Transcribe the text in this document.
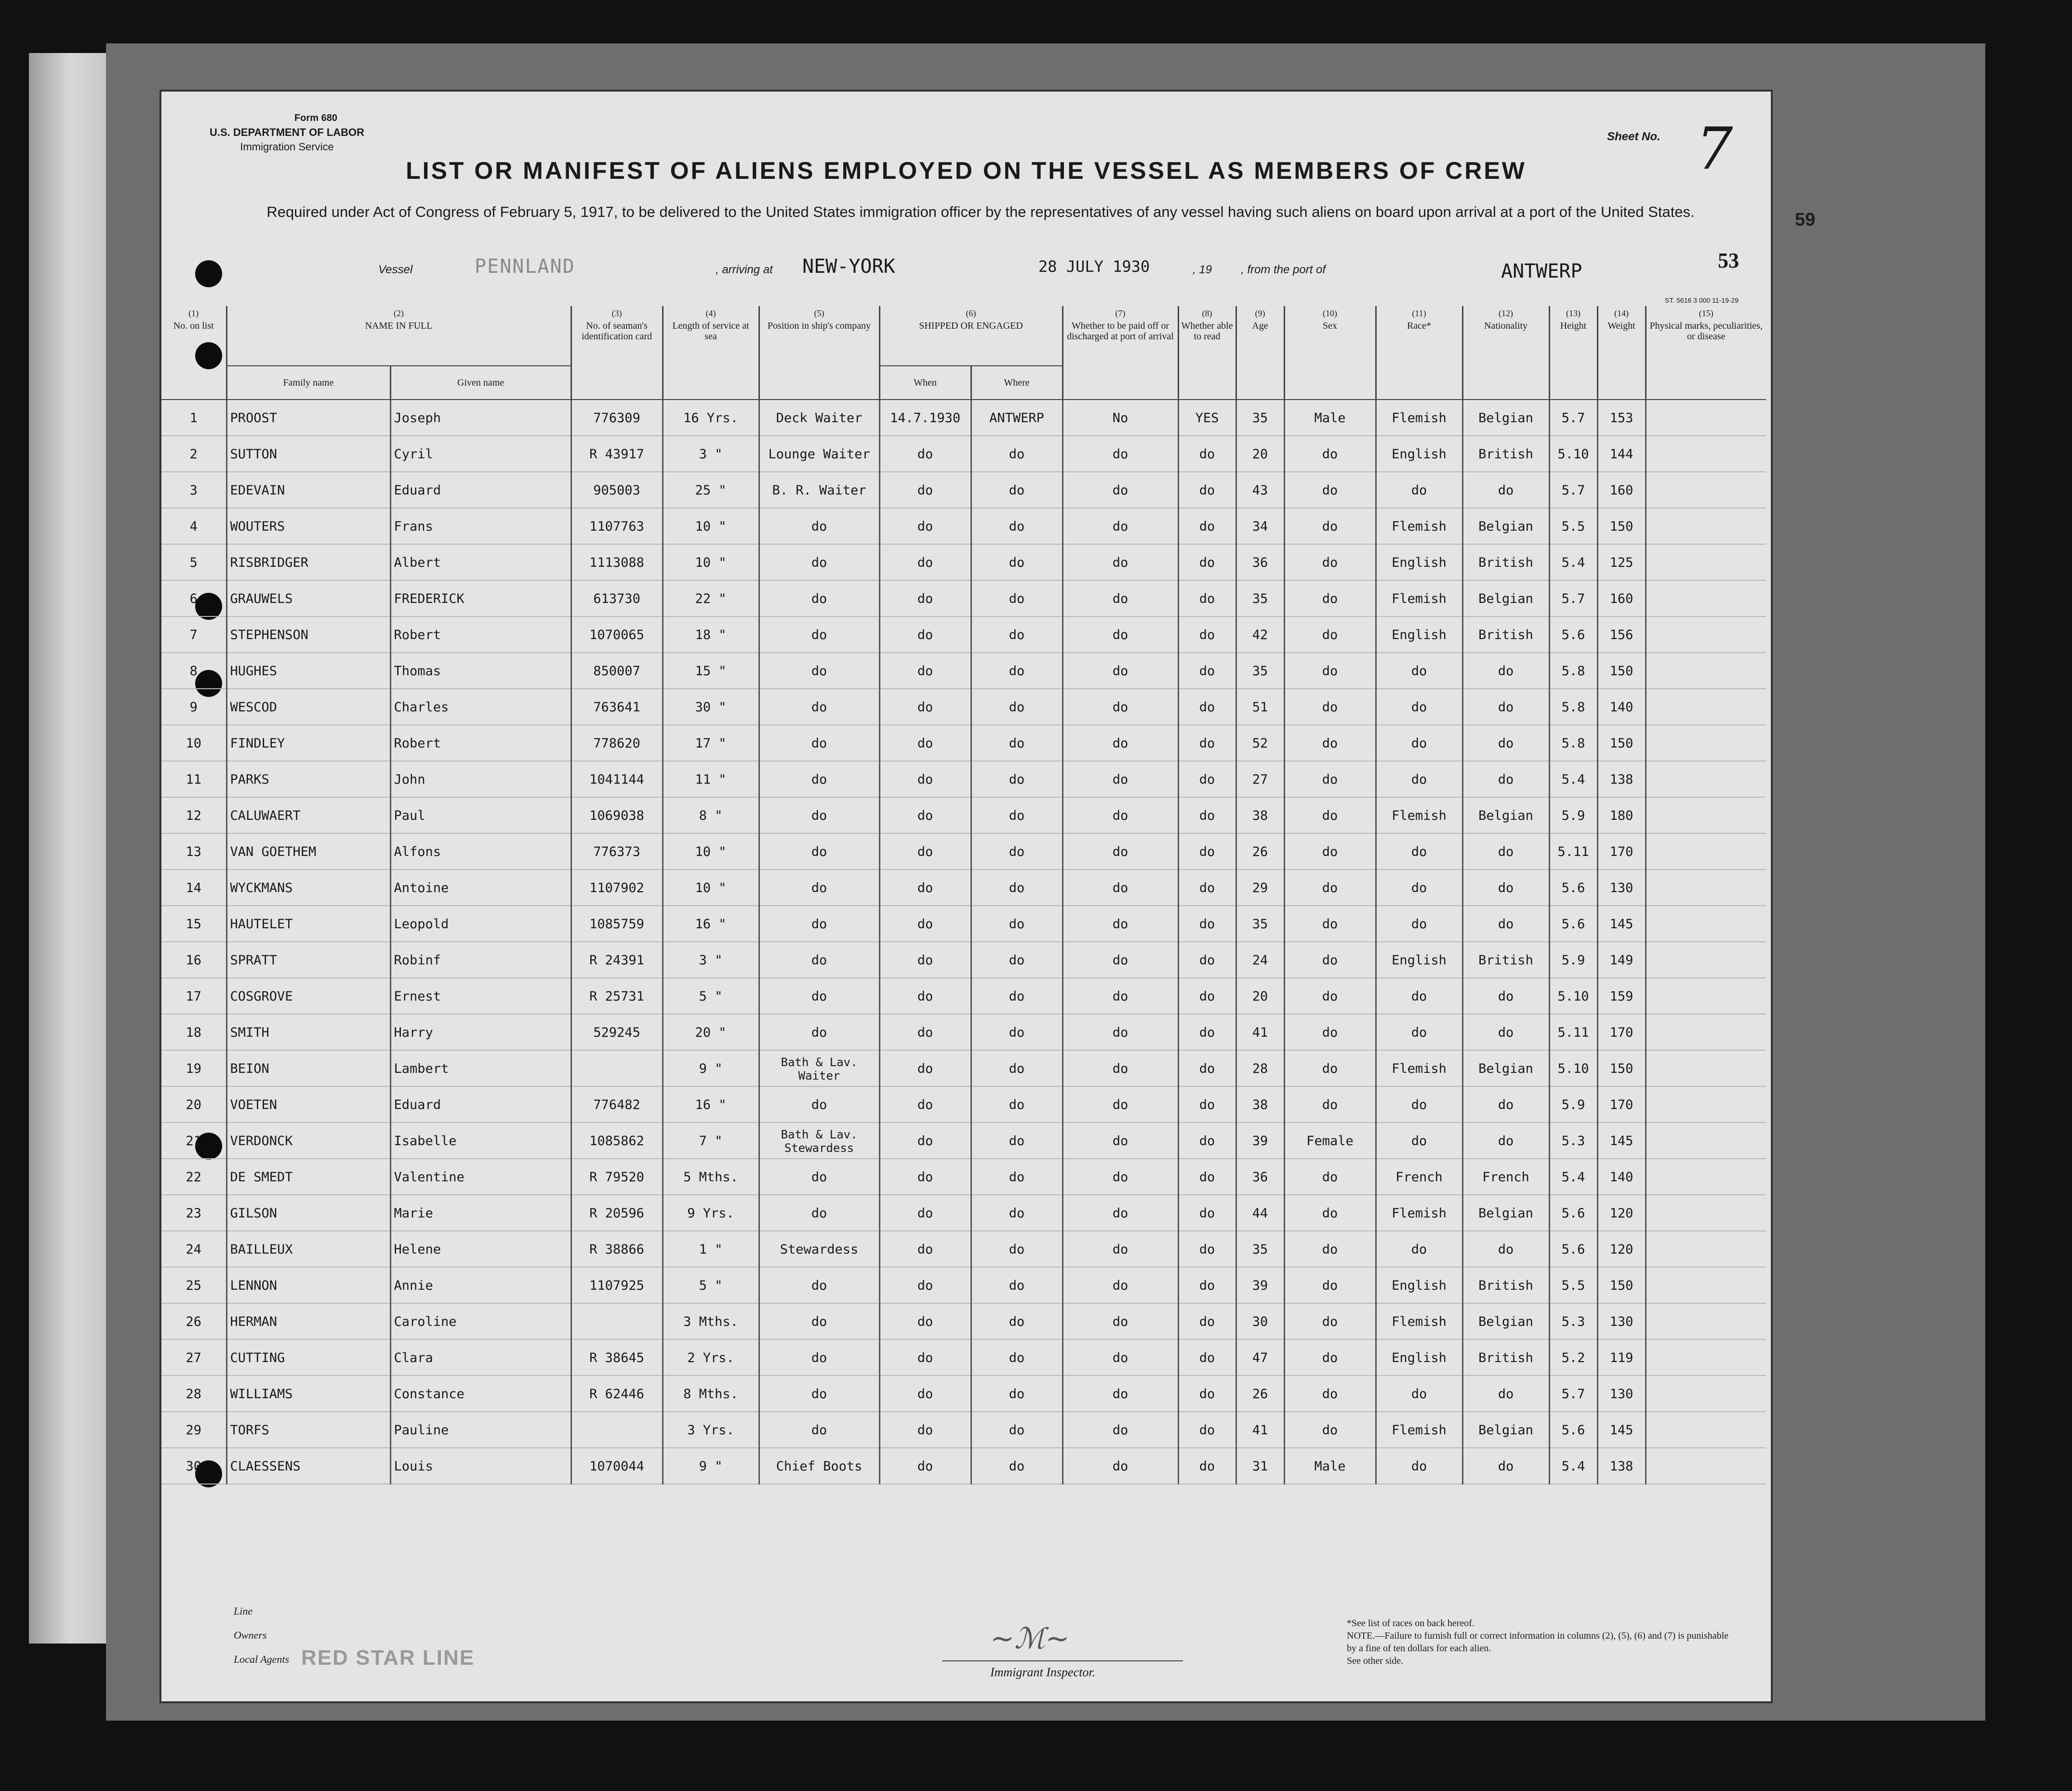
Form 680
U.S. DEPARTMENT OF LABOR
Immigration Service
Sheet No. 7
LIST OR MANIFEST OF ALIENS EMPLOYED ON THE VESSEL AS MEMBERS OF CREW
Required under Act of Congress of February 5, 1917, to be delivered to the United States immigration officer by the representatives of any vessel having such aliens on board upon arrival at a port of the United States.	59
Vessel	PENNLAND	, arriving at NEW-YORK	28 JULY 1930	, 19 , from the port of	ANTWERP	53
ST. 5616 3 000 11-19-29
(1)
No. on list	(2)
NAME IN FULL		(3)
No. of seaman's identification card	(4)
Length of service at sea	(5)
Position in ship's company	(6)
SHIPPED OR ENGAGED		(7)
Whether to be paid off or discharged at port of arrival	(8)
Whether able to read	(9)
Age	(10)
Sex	(11)
Race*	(12)
Nationality	(13)
Height	(14)
Weight	(15)
Physical marks, peculiarities, or disease
	Family name	Given name				When	Where									
1	PROOST	Joseph	776309	16 Yrs.	Deck Waiter	14.7.1930	ANTWERP	No	YES	35	Male	Flemish	Belgian	5.7	153	
2	SUTTON	Cyril	R 43917	3 "	Lounge Waiter	do	do	do	do	20	do	English	British	5.10	144	
3	EDEVAIN	Eduard	905003	25 "	B. R. Waiter	do	do	do	do	43	do	do	do	5.7	160	
4	WOUTERS	Frans	1107763	10 "	do	do	do	do	do	34	do	Flemish	Belgian	5.5	150	
5	RISBRIDGER	Albert	1113088	10 "	do	do	do	do	do	36	do	English	British	5.4	125	
6	GRAUWELS	FREDERICK	613730	22 "	do	do	do	do	do	35	do	Flemish	Belgian	5.7	160	
7	STEPHENSON	Robert	1070065	18 "	do	do	do	do	do	42	do	English	British	5.6	156	
8	HUGHES	Thomas	850007	15 "	do	do	do	do	do	35	do	do	do	5.8	150	
9	WESCOD	Charles	763641	30 "	do	do	do	do	do	51	do	do	do	5.8	140	
10	FINDLEY	Robert	778620	17 "	do	do	do	do	do	52	do	do	do	5.8	150	
11	PARKS	John	1041144	11 "	do	do	do	do	do	27	do	do	do	5.4	138	
12	CALUWAERT	Paul	1069038	8 "	do	do	do	do	do	38	do	Flemish	Belgian	5.9	180	
13	VAN GOETHEM	Alfons	776373	10 "	do	do	do	do	do	26	do	do	do	5.11	170	
14	WYCKMANS	Antoine	1107902	10 "	do	do	do	do	do	29	do	do	do	5.6	130	
15	HAUTELET	Leopold	1085759	16 "	do	do	do	do	do	35	do	do	do	5.6	145	
16	SPRATT	Robinf	R 24391	3 "	do	do	do	do	do	24	do	English	British	5.9	149	
17	COSGROVE	Ernest	R 25731	5 "	do	do	do	do	do	20	do	do	do	5.10	159	
18	SMITH	Harry	529245	20 "	do	do	do	do	do	41	do	do	do	5.11	170	
19	BEION	Lambert		9 "	Bath & Lav. Waiter	do	do	do	do	28	do	Flemish	Belgian	5.10	150	
20	VOETEN	Eduard	776482	16 "	do	do	do	do	do	38	do	do	do	5.9	170	
21	VERDONCK	Isabelle	1085862	7 "	Bath & Lav. Stewardess	do	do	do	do	39	Female	do	do	5.3	145	
22	DE SMEDT	Valentine	R 79520	5 Mths.	do	do	do	do	do	36	do	French	French	5.4	140	
23	GILSON	Marie	R 20596	9 Yrs.	do	do	do	do	do	44	do	Flemish	Belgian	5.6	120	
24	BAILLEUX	Helene	R 38866	1 "	Stewardess	do	do	do	do	35	do	do	do	5.6	120	
25	LENNON	Annie	1107925	5 "	do	do	do	do	do	39	do	English	British	5.5	150	
26	HERMAN	Caroline		3 Mths.	do	do	do	do	do	30	do	Flemish	Belgian	5.3	130	
27	CUTTING	Clara	R 38645	2 Yrs.	do	do	do	do	do	47	do	English	British	5.2	119	
28	WILLIAMS	Constance	R 62446	8 Mths.	do	do	do	do	do	26	do	do	do	5.7	130	
29	TORFS	Pauline		3 Yrs.	do	do	do	do	do	41	do	Flemish	Belgian	5.6	145	
30	CLAESSENS	Louis	1070044	9 "	Chief Boots	do	do	do	do	31	Male	do	do	5.4	138	
Line
Owners
Local Agents RED STAR LINE
~ℳ~
Immigrant Inspector.
*See list of races on back hereof.
NOTE.—Failure to furnish full or correct information in columns (2), (5), (6) and (7) is punishable by a fine of ten dollars for each alien.
See other side.
